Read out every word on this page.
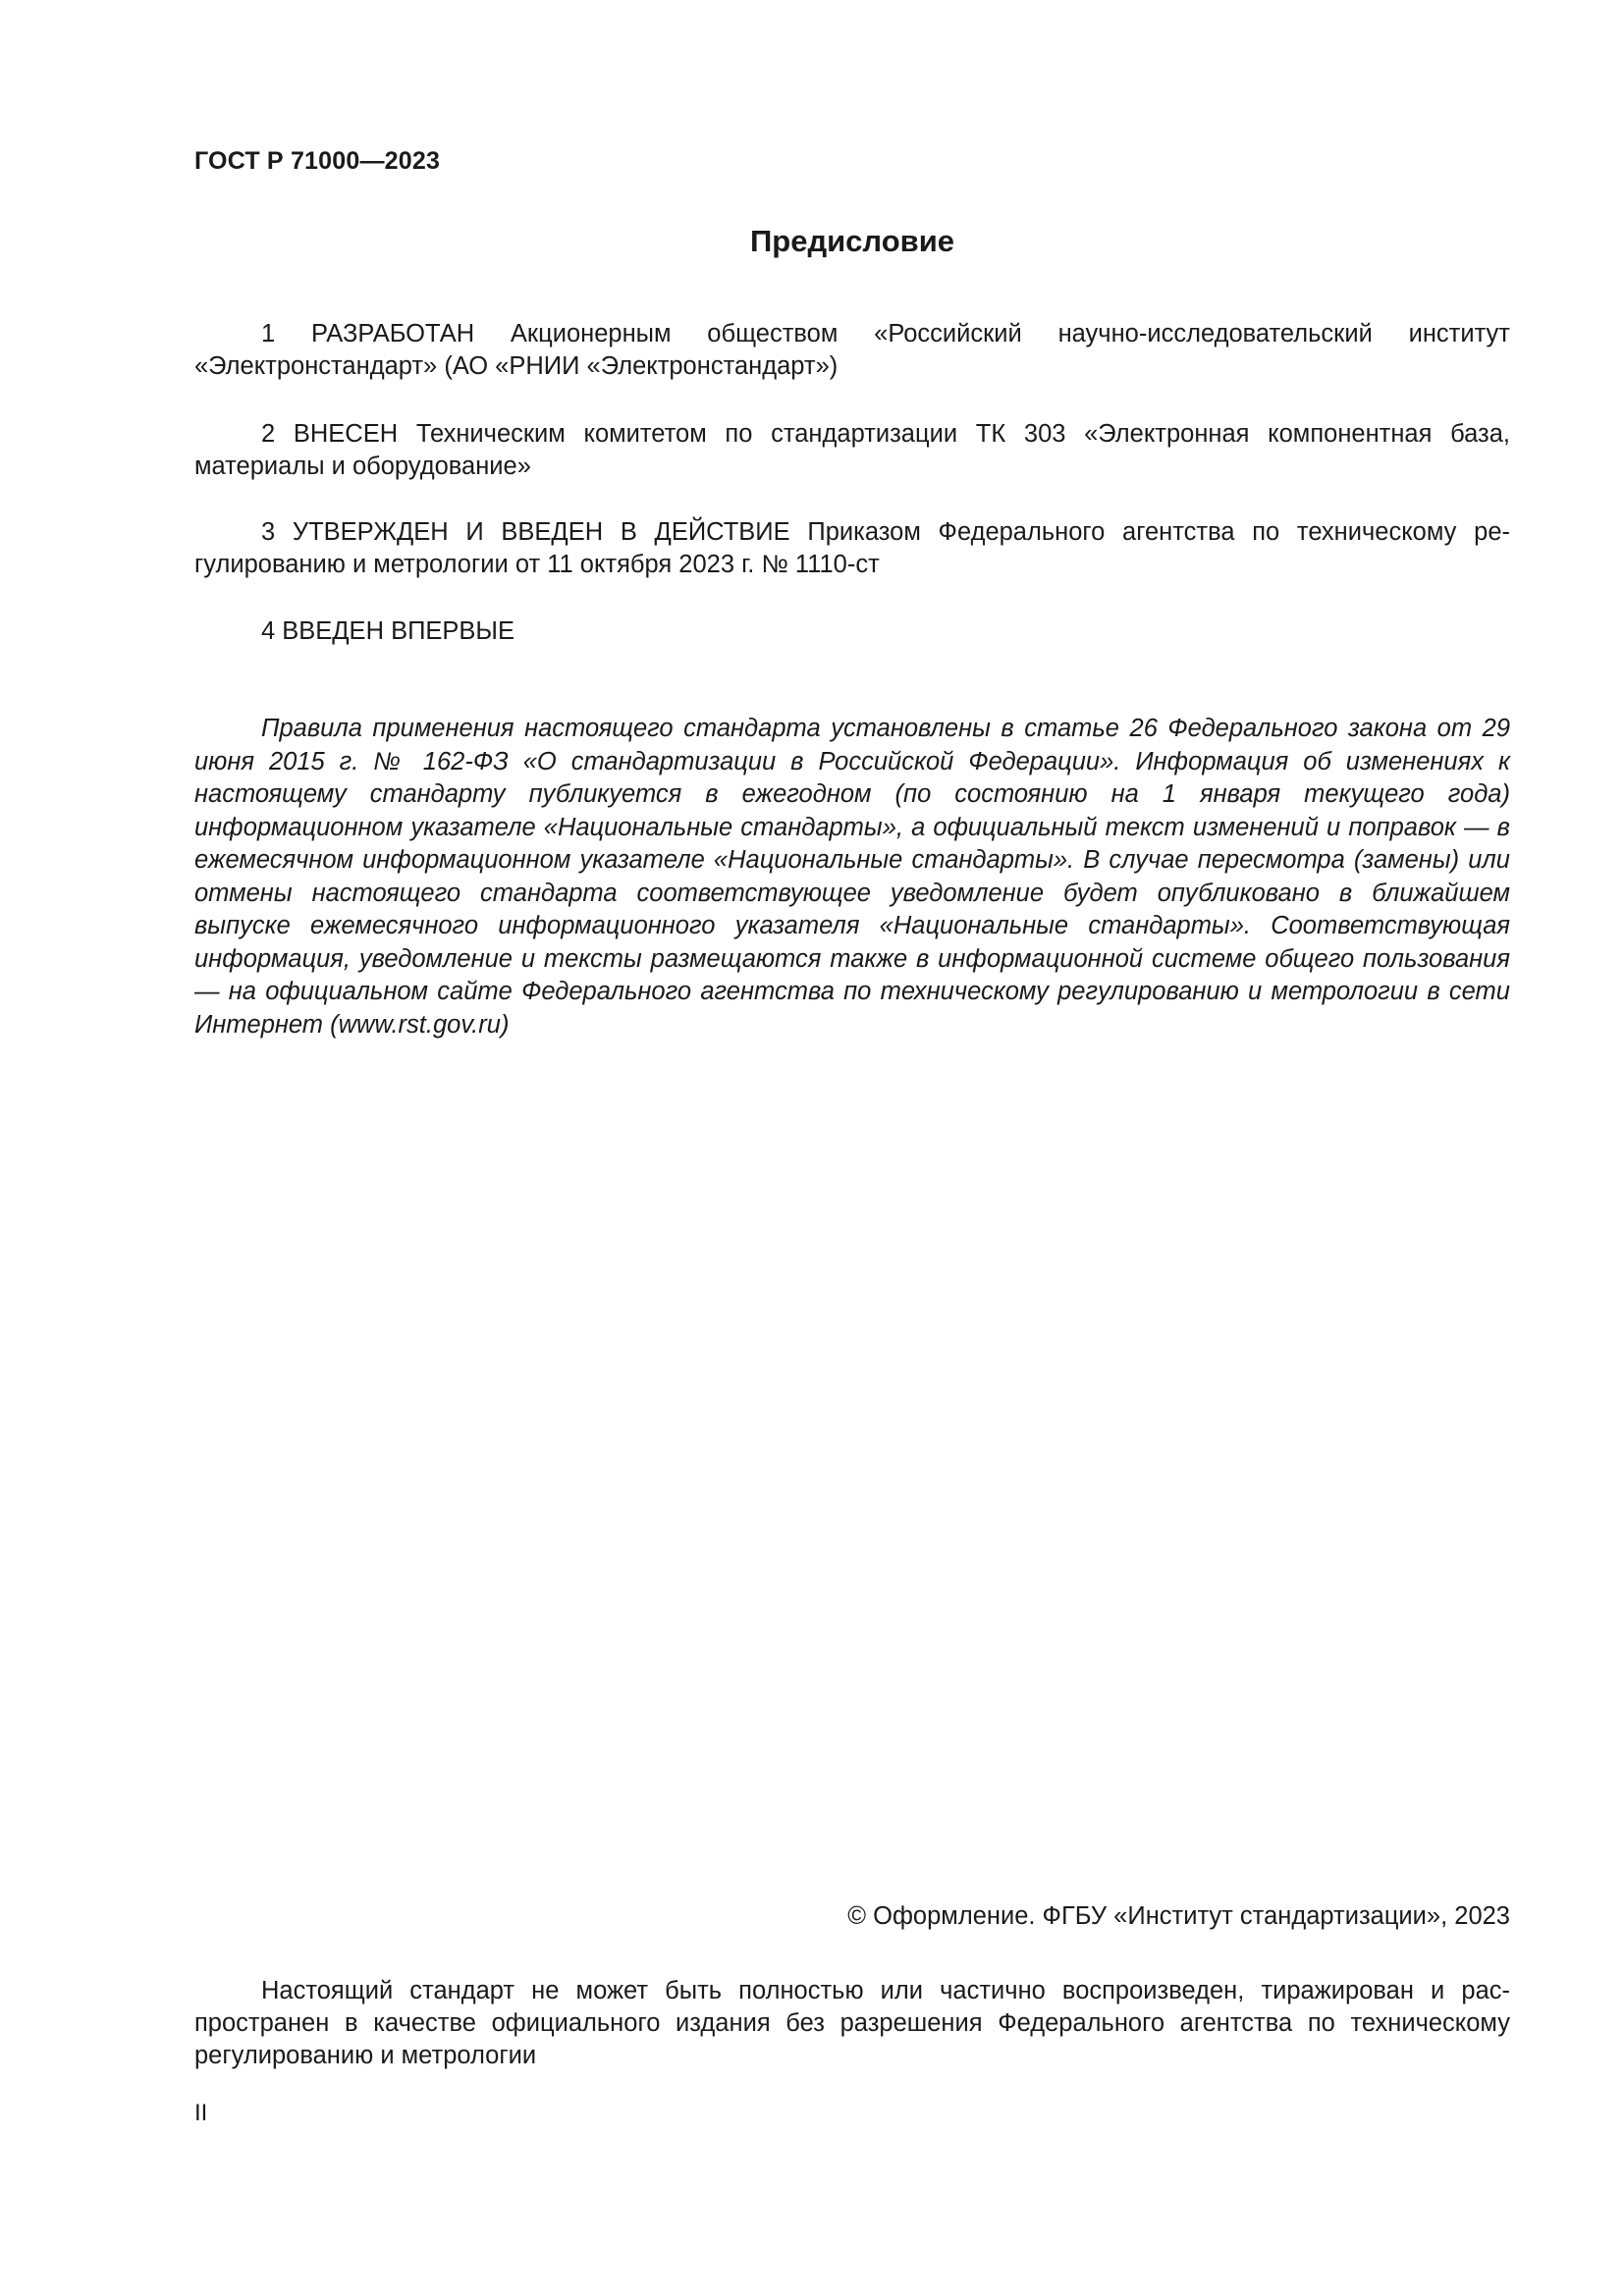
ГОСТ Р 71000—2023
Предисловие

1 РАЗРАБОТАН Акционерным обществом «Российский научно-исследовательский институт «Электронстандарт» (АО «РНИИ «Электронстандарт»)

2 ВНЕСЕН Техническим комитетом по стандартизации ТК 303 «Электронная компонентная база, материалы и оборудование»

3 УТВЕРЖДЕН И ВВЕДЕН В ДЕЙСТВИЕ Приказом Федерального агентства по техническому регулированию и метрологии от 11 октября 2023 г. № 1110-ст

4 ВВЕДЕН ВПЕРВЫЕ

Правила применения настоящего стандарта установлены в статье 26 Федерального закона от 29 июня 2015 г. № 162-ФЗ «О стандартизации в Российской Федерации». Информация об изменениях к настоящему стандарту публикуется в ежегодном (по состоянию на 1 января текущего года) информационном указателе «Национальные стандарты», а официальный текст изменений и поправок — в ежемесячном информационном указателе «Национальные стандарты». В случае пересмотра (замены) или отмены настоящего стандарта соответствующее уведомление будет опубликовано в ближайшем выпуске ежемесячного информационного указателя «Национальные стандарты». Соответствующая информация, уведомление и тексты размещаются также в информационной системе общего пользования — на официальном сайте Федерального агентства по техническому регулированию и метрологии в сети Интернет (www.rst.gov.ru)

© Оформление. ФГБУ «Институт стандартизации», 2023

Настоящий стандарт не может быть полностью или частично воспроизведен, тиражирован и распространен в качестве официального издания без разрешения Федерального агентства по техническому регулированию и метрологии

II
